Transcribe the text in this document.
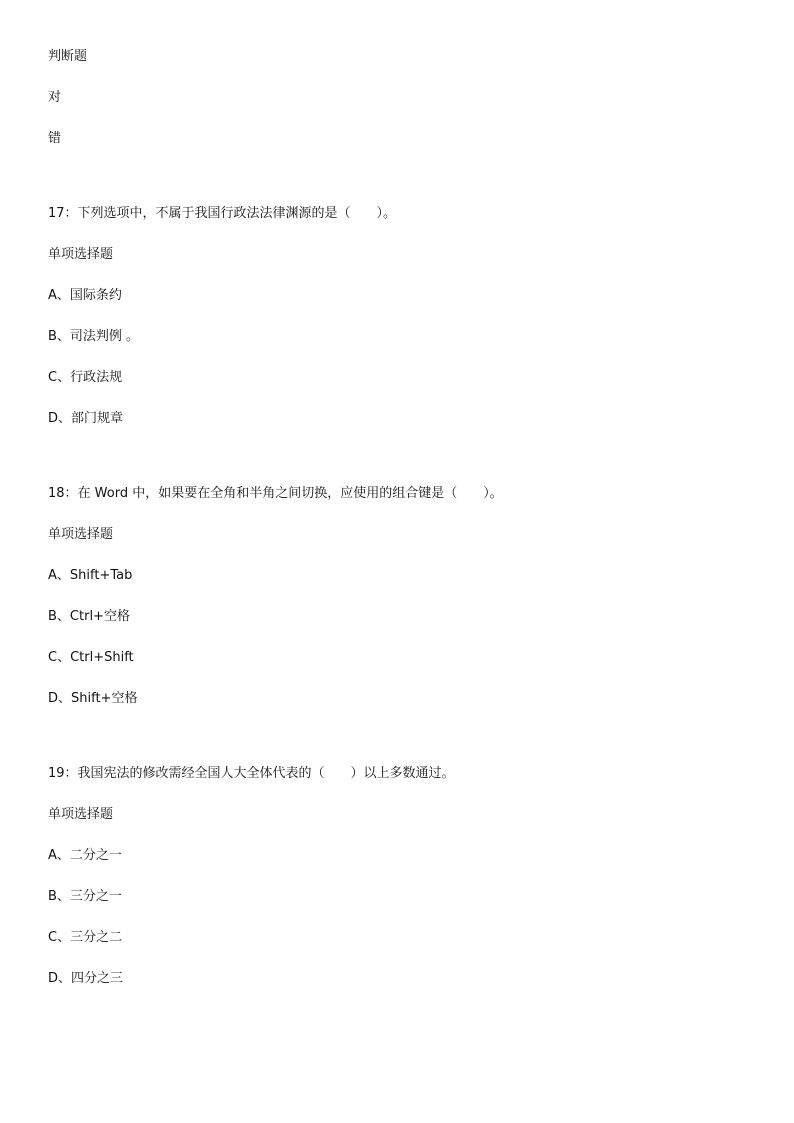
判断题
对
错
17：下列选项中，不属于我国行政法法律渊源的是（　　）。
单项选择题
A、国际条约
B、司法判例 。
C、行政法规
D、部门规章
18：在 Word 中，如果要在全角和半角之间切换，应使用的组合键是（　　）。
单项选择题
A、Shift+Tab
B、Ctrl+空格
C、Ctrl+Shift
D、Shift+空格
19：我国宪法的修改需经全国人大全体代表的（　　）以上多数通过。
单项选择题
A、二分之一
B、三分之一
C、三分之二
D、四分之三
